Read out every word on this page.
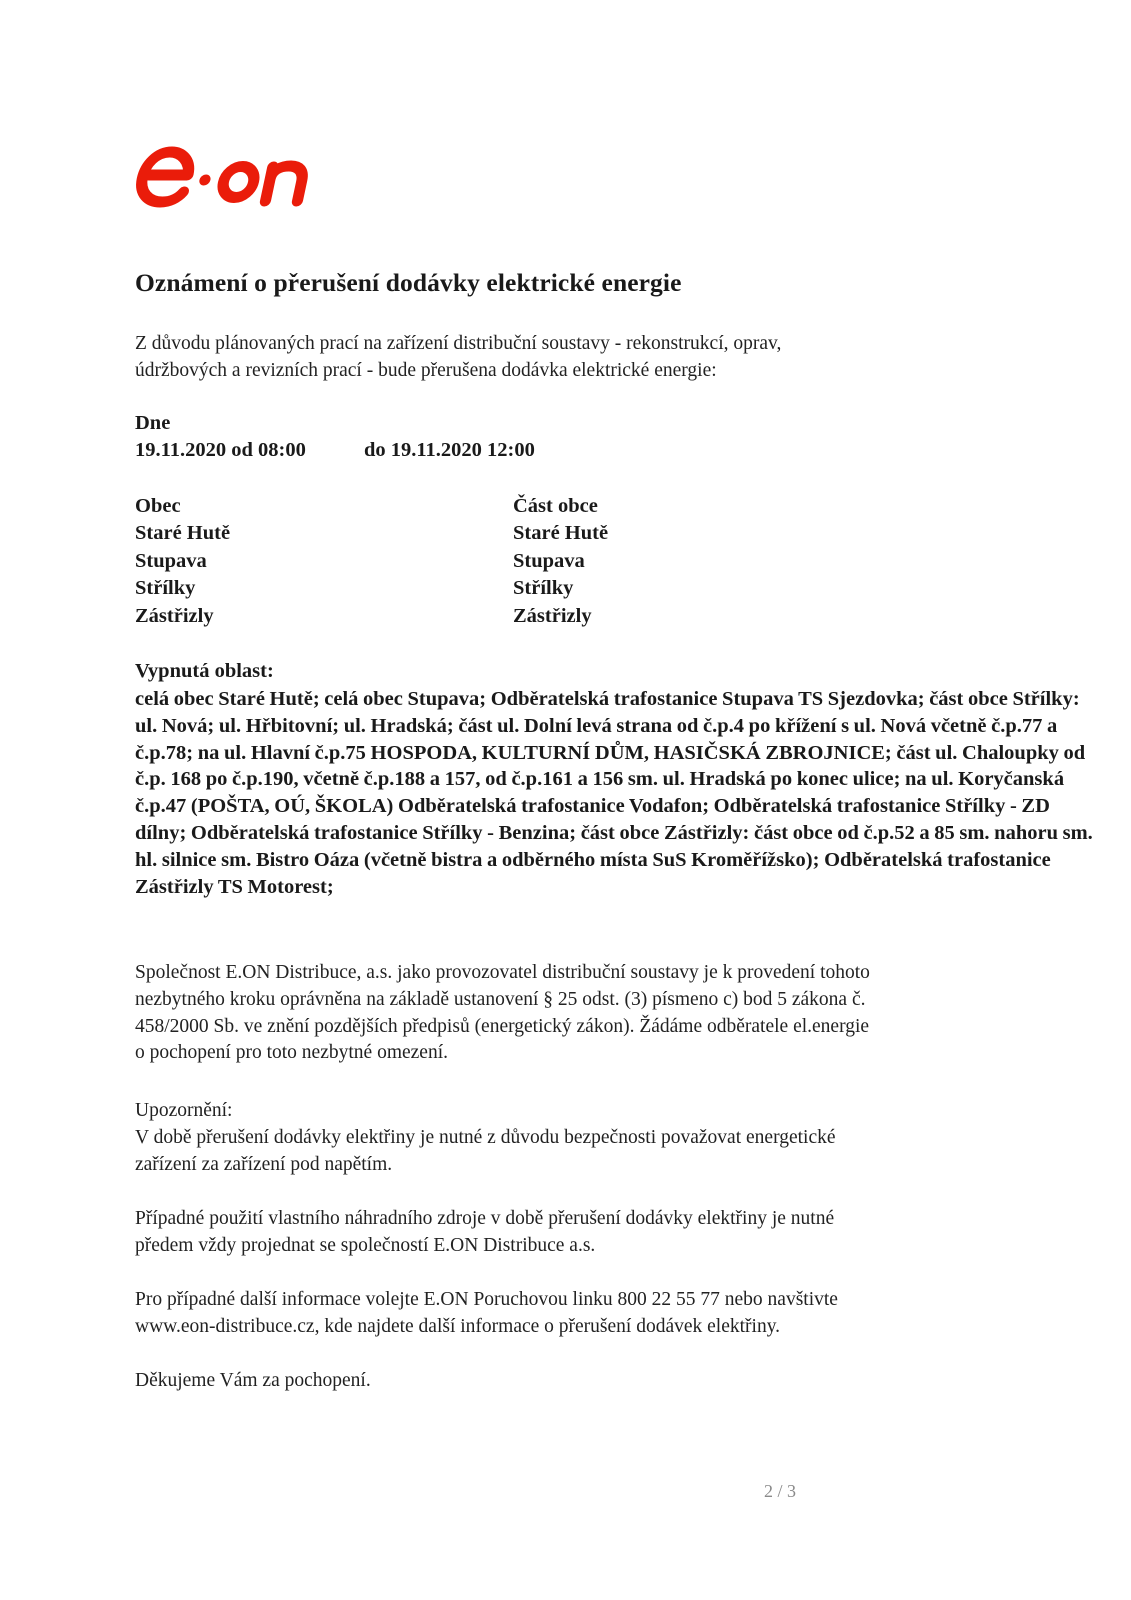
Oznámení o přerušení dodávky elektrické energie

Z důvodu plánovaných prací na zařízení distribuční soustavy - rekonstrukcí, oprav,
údržbových a revizních prací - bude přerušena dodávka elektrické energie:

Dne
19.11.2020 od 08:00	do 19.11.2020 12:00
Obec
Staré Hutě
Stupava
Střílky
Zástřizly
Část obce
Staré Hutě
Stupava
Střílky
Zástřizly
Vypnutá oblast:

celá obec Staré Hutě; celá obec Stupava; Odběratelská trafostanice Stupava TS Sjezdovka; část obce Střílky: ul. Nová; ul. Hřbitovní; ul. Hradská; část ul. Dolní levá strana od č.p.4 po křížení s ul. Nová včetně č.p.77 a č.p.78; na ul. Hlavní č.p.75 HOSPODA, KULTURNÍ DŮM, HASIČSKÁ ZBROJNICE; část ul. Chaloupky od č.p. 168 po č.p.190, včetně č.p.188 a 157, od č.p.161 a 156 sm. ul. Hradská po konec ulice; na ul. Koryčanská č.p.47 (POŠTA, OÚ, ŠKOLA) Odběratelská trafostanice Vodafon; Odběratelská trafostanice Střílky - ZD dílny; Odběratelská trafostanice Střílky - Benzina; část obce Zástřizly: část obce od č.p.52 a 85 sm. nahoru sm. hl. silnice sm. Bistro Oáza (včetně bistra a odběrného místa SuS Kroměřížsko); Odběratelská trafostanice Zástřizly TS Motorest;

Společnost E.ON Distribuce, a.s. jako provozovatel distribuční soustavy je k provedení tohoto
nezbytného kroku oprávněna na základě ustanovení § 25 odst. (3) písmeno c) bod 5 zákona č.
458/2000 Sb. ve znění pozdějších předpisů (energetický zákon). Žádáme odběratele el.energie
o pochopení pro toto nezbytné omezení.

Upozornění:
V době přerušení dodávky elektřiny je nutné z důvodu bezpečnosti považovat energetické
zařízení za zařízení pod napětím.

Případné použití vlastního náhradního zdroje v době přerušení dodávky elektřiny je nutné
předem vždy projednat se společností E.ON Distribuce a.s.

Pro případné další informace volejte E.ON Poruchovou linku 800 22 55 77 nebo navštivte
www.eon-distribuce.cz, kde najdete další informace o přerušení dodávek elektřiny.

Děkujeme Vám za pochopení.

2 / 3
